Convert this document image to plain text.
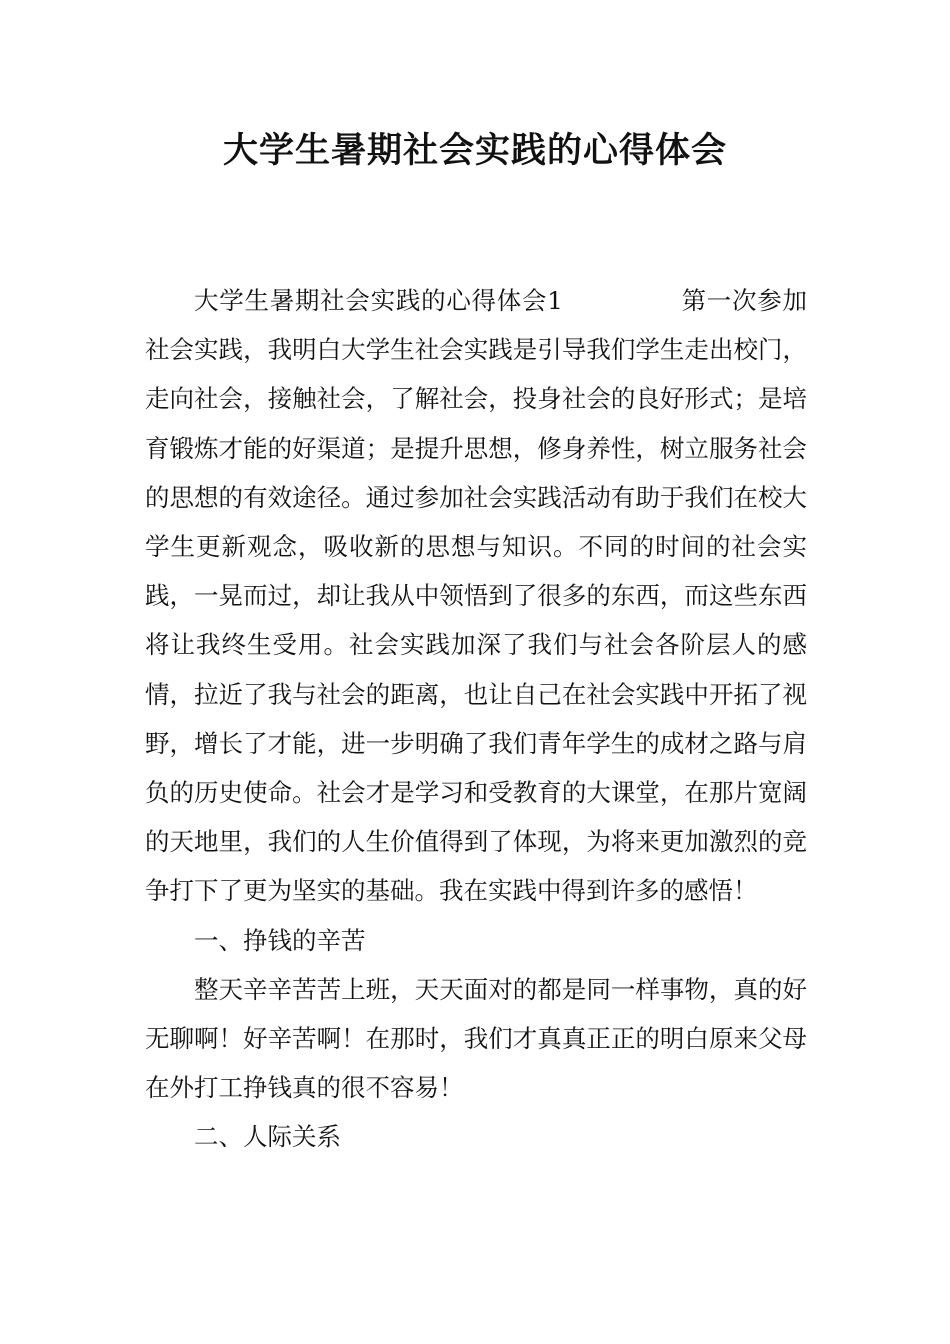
大学生暑期社会实践的心得体会

大学生暑期社会实践的心得体会1	第一次参加社会实践，我明白大学生社会实践是引导我们学生走出校门，走向社会，接触社会，了解社会，投身社会的良好形式；是培育锻炼才能的好渠道；是提升思想，修身养性，树立服务社会的思想的有效途径。通过参加社会实践活动有助于我们在校大学生更新观念，吸收新的思想与知识。不同的时间的社会实践，一晃而过，却让我从中领悟到了很多的东西，而这些东西将让我终生受用。社会实践加深了我们与社会各阶层人的感情，拉近了我与社会的距离，也让自己在社会实践中开拓了视野，增长了才能，进一步明确了我们青年学生的成材之路与肩负的历史使命。社会才是学习和受教育的大课堂，在那片宽阔的天地里，我们的人生价值得到了体现，为将来更加激烈的竞争打下了更为坚实的基础。我在实践中得到许多的感悟！

一、挣钱的辛苦

整天辛辛苦苦上班，天天面对的都是同一样事物，真的好无聊啊！好辛苦啊！在那时，我们才真真正正的明白原来父母在外打工挣钱真的很不容易！

二、人际关系
